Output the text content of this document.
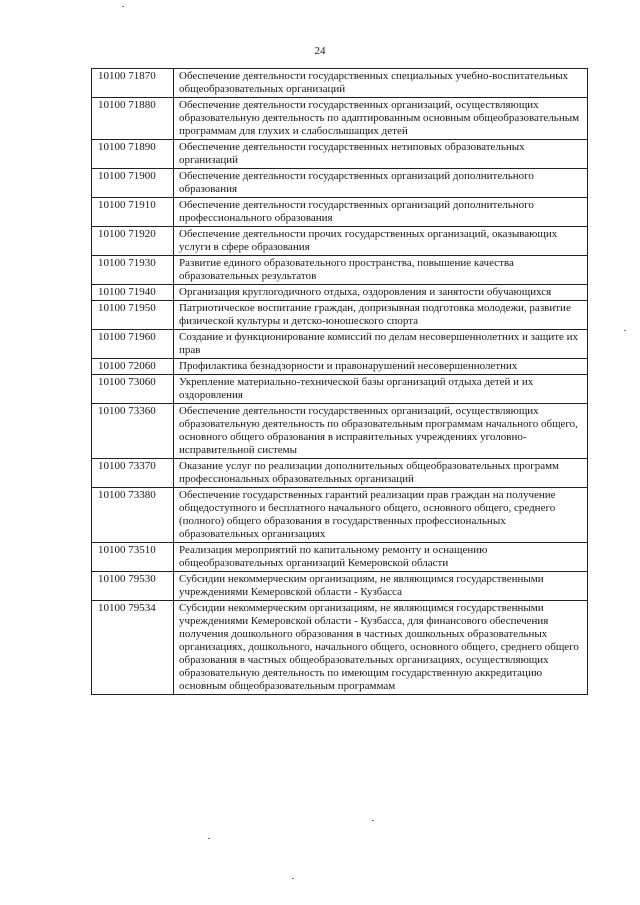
24
10100 71870	Обеспечение деятельности государственных специальных учебно-воспитательных общеобразовательных организаций
10100 71880	Обеспечение деятельности государственных организаций, осуществляющих образовательную деятельность по адаптированным основным общеобразовательным программам для глухих и слабослышащих детей
10100 71890	Обеспечение деятельности государственных нетиповых образовательных организаций
10100 71900	Обеспечение деятельности государственных организаций дополнительного образования
10100 71910	Обеспечение деятельности государственных организаций дополнительного профессионального образования
10100 71920	Обеспечение деятельности прочих государственных организаций, оказывающих услуги в сфере образования
10100 71930	Развитие единого образовательного пространства, повышение качества образовательных результатов
10100 71940	Организация круглогодичного отдыха, оздоровления и занятости обучающихся
10100 71950	Патриотическое воспитание граждан, допризывная подготовка молодежи, развитие физической культуры и детско-юношеского спорта
10100 71960	Создание и функционирование комиссий по делам несовершеннолетних и защите их прав
10100 72060	Профилактика безнадзорности и правонарушений несовершеннолетних
10100 73060	Укрепление материально-технической базы организаций отдыха детей и их оздоровления
10100 73360	Обеспечение деятельности государственных организаций, осуществляющих образовательную деятельность по образовательным программам начального общего, основного общего образования в исправительных учреждениях уголовно-исправительной системы
10100 73370	Оказание услуг по реализации дополнительных общеобразовательных программ профессиональных образовательных организаций
10100 73380	Обеспечение государственных гарантий реализации прав граждан на получение общедоступного и бесплатного начального общего, основного общего, среднего (полного) общего образования в государственных профессиональных образовательных организациях
10100 73510	Реализация мероприятий по капитальному ремонту и оснащению общеобразовательных организаций Кемеровской области
10100 79530	Субсидии некоммерческим организациям, не являющимся государственными учреждениями Кемеровской области - Кузбасса
10100 79534	Субсидии некоммерческим организациям, не являющимся государственными учреждениями Кемеровской области - Кузбасса, для финансового обеспечения получения дошкольного образования в частных дошкольных образовательных организациях, дошкольного, начального общего, основного общего, среднего общего образования в частных общеобразовательных организациях, осуществляющих образовательную деятельность по имеющим государственную аккредитацию основным общеобразовательным программам
